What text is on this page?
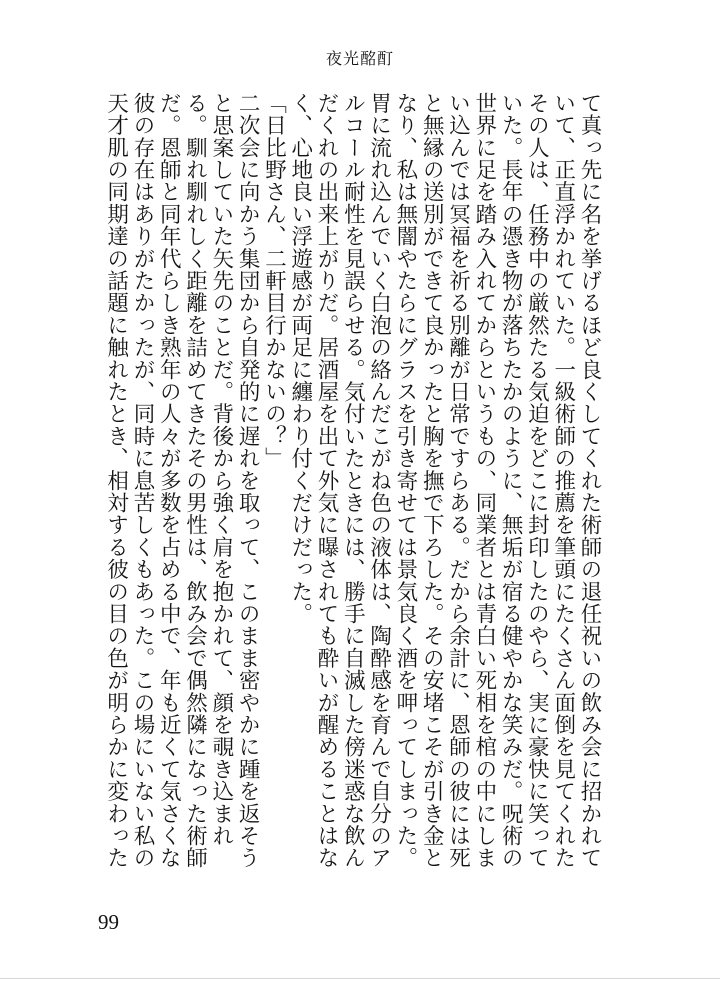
夜光酩酊

て真っ先に名を挙げるほど良くしてくれた術師の退任祝いの飲み会に招かれていて、正直浮かれていた。一級術師の推薦を筆頭にたくさん面倒を見てくれたその人は、任務中の厳然たる気迫をどこに封印したのやら、実に豪快に笑っていた。長年の憑き物が落ちたかのように、無垢が宿る健やかな笑みだ。呪術の世界に足を踏み入れてからというもの、同業者とは青白い死相を棺の中にしまい込んでは冥福を祈る別離が日常ですらある。だから余計に、恩師の彼には死と無縁の送別ができて良かったと胸を撫で下ろした。その安堵こそが引き金となり、私は無闇やたらにグラスを引き寄せては景気良く酒を呷ってしまった。胃に流れ込んでいく白泡の絡んだこがね色の液体は、陶酔感を育んで自分のアルコール耐性を見誤らせる。気付いたときには、勝手に自滅した傍迷惑な飲んだくれの出来上がりだ。居酒屋を出て外気に曝されても酔いが醒めることはなく、心地良い浮遊感が両足に纏わり付くだけだった。

「日比野さん、二軒目行かないの？」

二次会に向かう集団から自発的に遅れを取って、このまま密やかに踵を返そうと思案していた矢先のことだ。背後から強く肩を抱かれて、顔を覗き込まれる。馴れ馴れしく距離を詰めてきたその男性は、飲み会で偶然隣になった術師だ。恩師と同年代らしき熟年の人々が多数を占める中で、年も近くて気さくな彼の存在はありがたかったが、同時に息苦しくもあった。この場にいない私の天才肌の同期達の話題に触れたとき、相対する彼の目の色が明らかに変わった

99
